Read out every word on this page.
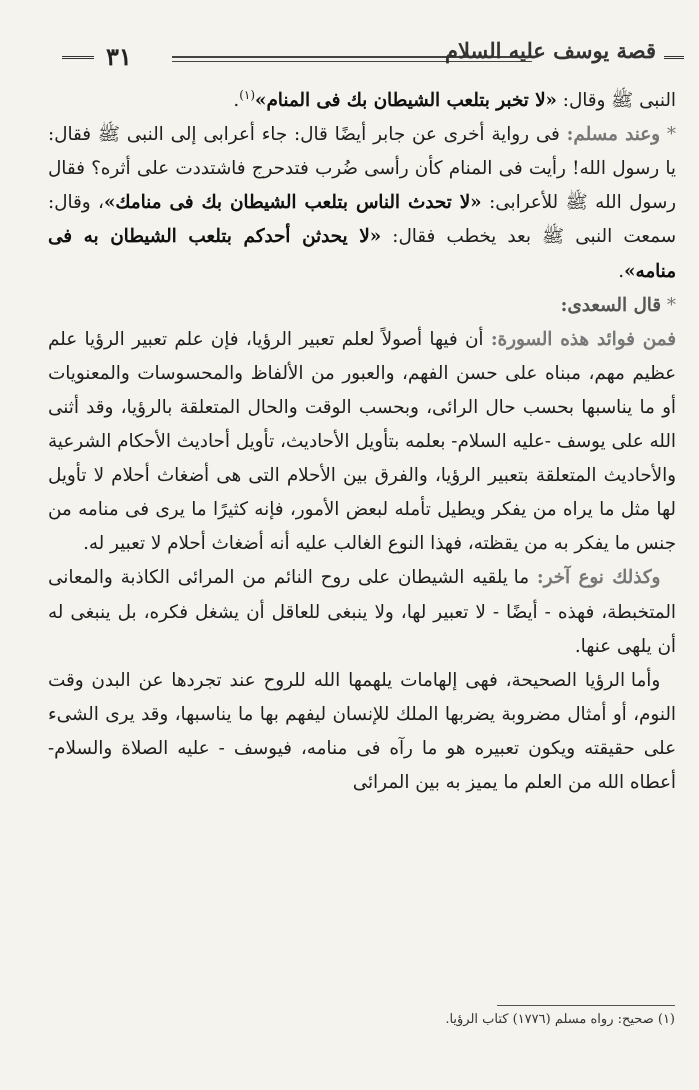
٣١	قصة يوسف عليه السلام

النبى ﷺ وقال: «لا تخبر بتلعب الشيطان بك فى المنام»$^{(١)}$.

* وعند مسلم: فى رواية أخرى عن جابر أيضًا قال: جاء أعرابى إلى النبى ﷺ فقال: يا رسول الله! رأيت فى المنام كأن رأسى ضُرب فتدحرج فاشتددت على أثره؟ فقال رسول الله ﷺ للأعرابى: «لا تحدث الناس بتلعب الشيطان بك فى منامك»، وقال: سمعت النبى ﷺ بعد يخطب فقال: «لا يحدثن أحدكم بتلعب الشيطان به فى منامه».

* قال السعدى:

فمن فوائد هذه السورة: أن فيها أصولاً لعلم تعبير الرؤيا، فإن علم تعبير الرؤيا علم عظيم مهم، مبناه على حسن الفهم، والعبور من الألفاظ والمحسوسات والمعنويات أو ما يناسبها بحسب حال الرائى، وبحسب الوقت والحال المتعلقة بالرؤيا، وقد أثنى الله على يوسف -عليه السلام- بعلمه بتأويل الأحاديث، تأويل أحاديث الأحكام الشرعية والأحاديث المتعلقة بتعبير الرؤيا، والفرق بين الأحلام التى هى أضغاث أحلام لا تأويل لها مثل ما يراه من يفكر ويطيل تأمله لبعض الأمور، فإنه كثيرًا ما يرى فى منامه من جنس ما يفكر به من يقظته، فهذا النوع الغالب عليه أنه أضغاث أحلام لا تعبير له.

وكذلك نوع آخر: ما يلقيه الشيطان على روح النائم من المرائى الكاذبة والمعانى المتخبطة، فهذه - أيضًا - لا تعبير لها، ولا ينبغى للعاقل أن يشغل فكره، بل ينبغى له أن يلهى عنها.

وأما الرؤيا الصحيحة، فهى إلهامات يلهمها الله للروح عند تجردها عن البدن وقت النوم، أو أمثال مضروبة يضربها الملك للإنسان ليفهم بها ما يناسبها، وقد يرى الشىء على حقيقته ويكون تعبيره هو ما رآه فى منامه، فيوسف - عليه الصلاة والسلام- أعطاه الله من العلم ما يميز به بين المرائى

(١) صحيح: رواه مسلم (١٧٧٦) كتاب الرؤيا.
